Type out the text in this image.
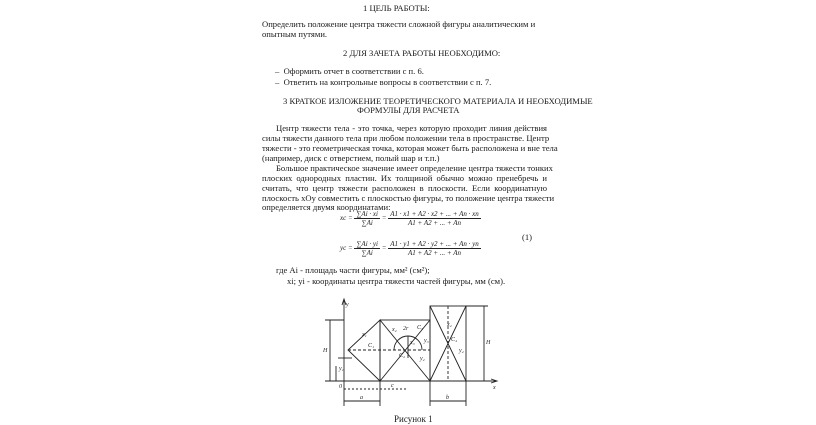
1 ЦЕЛЬ РАБОТЫ:
Определить положение центра тяжести сложной фигуры аналитическим и
опытным путями.
2 ДЛЯ ЗАЧЕТА РАБОТЫ НЕОБХОДИМО:
–  Оформить отчет в соответствии с п. 6.
–  Ответить на контрольные вопросы в соответствии с п. 7.
3 КРАТКОЕ ИЗЛОЖЕНИЕ ТЕОРЕТИЧЕСКОГО МАТЕРИАЛА И НЕОБХОДИМЫЕ
ФОРМУЛЫ ДЛЯ РАСЧЕТА
Центр тяжести тела - это точка, через которую проходит линия действия
силы тяжести данного тела при любом положении тела в пространстве. Центр
тяжести - это геометрическая точка, которая может быть расположена и вне тела
(например, диск с отверстием, полый шар и т.п.)
Большое практическое значение имеет определение центра тяжести тонких
плоских однородных пластин. Их толщиной обычно можно пренебречь и
считать, что центр тяжести расположен в плоскости. Если координатную
плоскость xOy совместить с плоскостью фигуры, то положение центра тяжести
определяется двумя координатами:
xc = $\frac{\sum Ai \cdot xi}{\sum Ai} = \frac{A1 \cdot x1 + A2 \cdot x2 + ... + An \cdot xn}{A1 + A2 + ... + An}$
yc = $\frac{\sum Ai \cdot yi}{\sum Ai} = \frac{A1 \cdot y1 + A2 \cdot y2 + ... + An \cdot yn}{A1 + A2 + ... + An}$
(1)
где Ai - площадь части фигуры, мм² (см²);
xi; yi - координаты центра тяжести частей фигуры, мм (см).
y
x
0
C₁
C₂
C₃
C₄
x₁
x₂
x₃
x₄
y₁
y₂
y₃
y₄
H
H
a	b
c
2r
Рисунок 1
